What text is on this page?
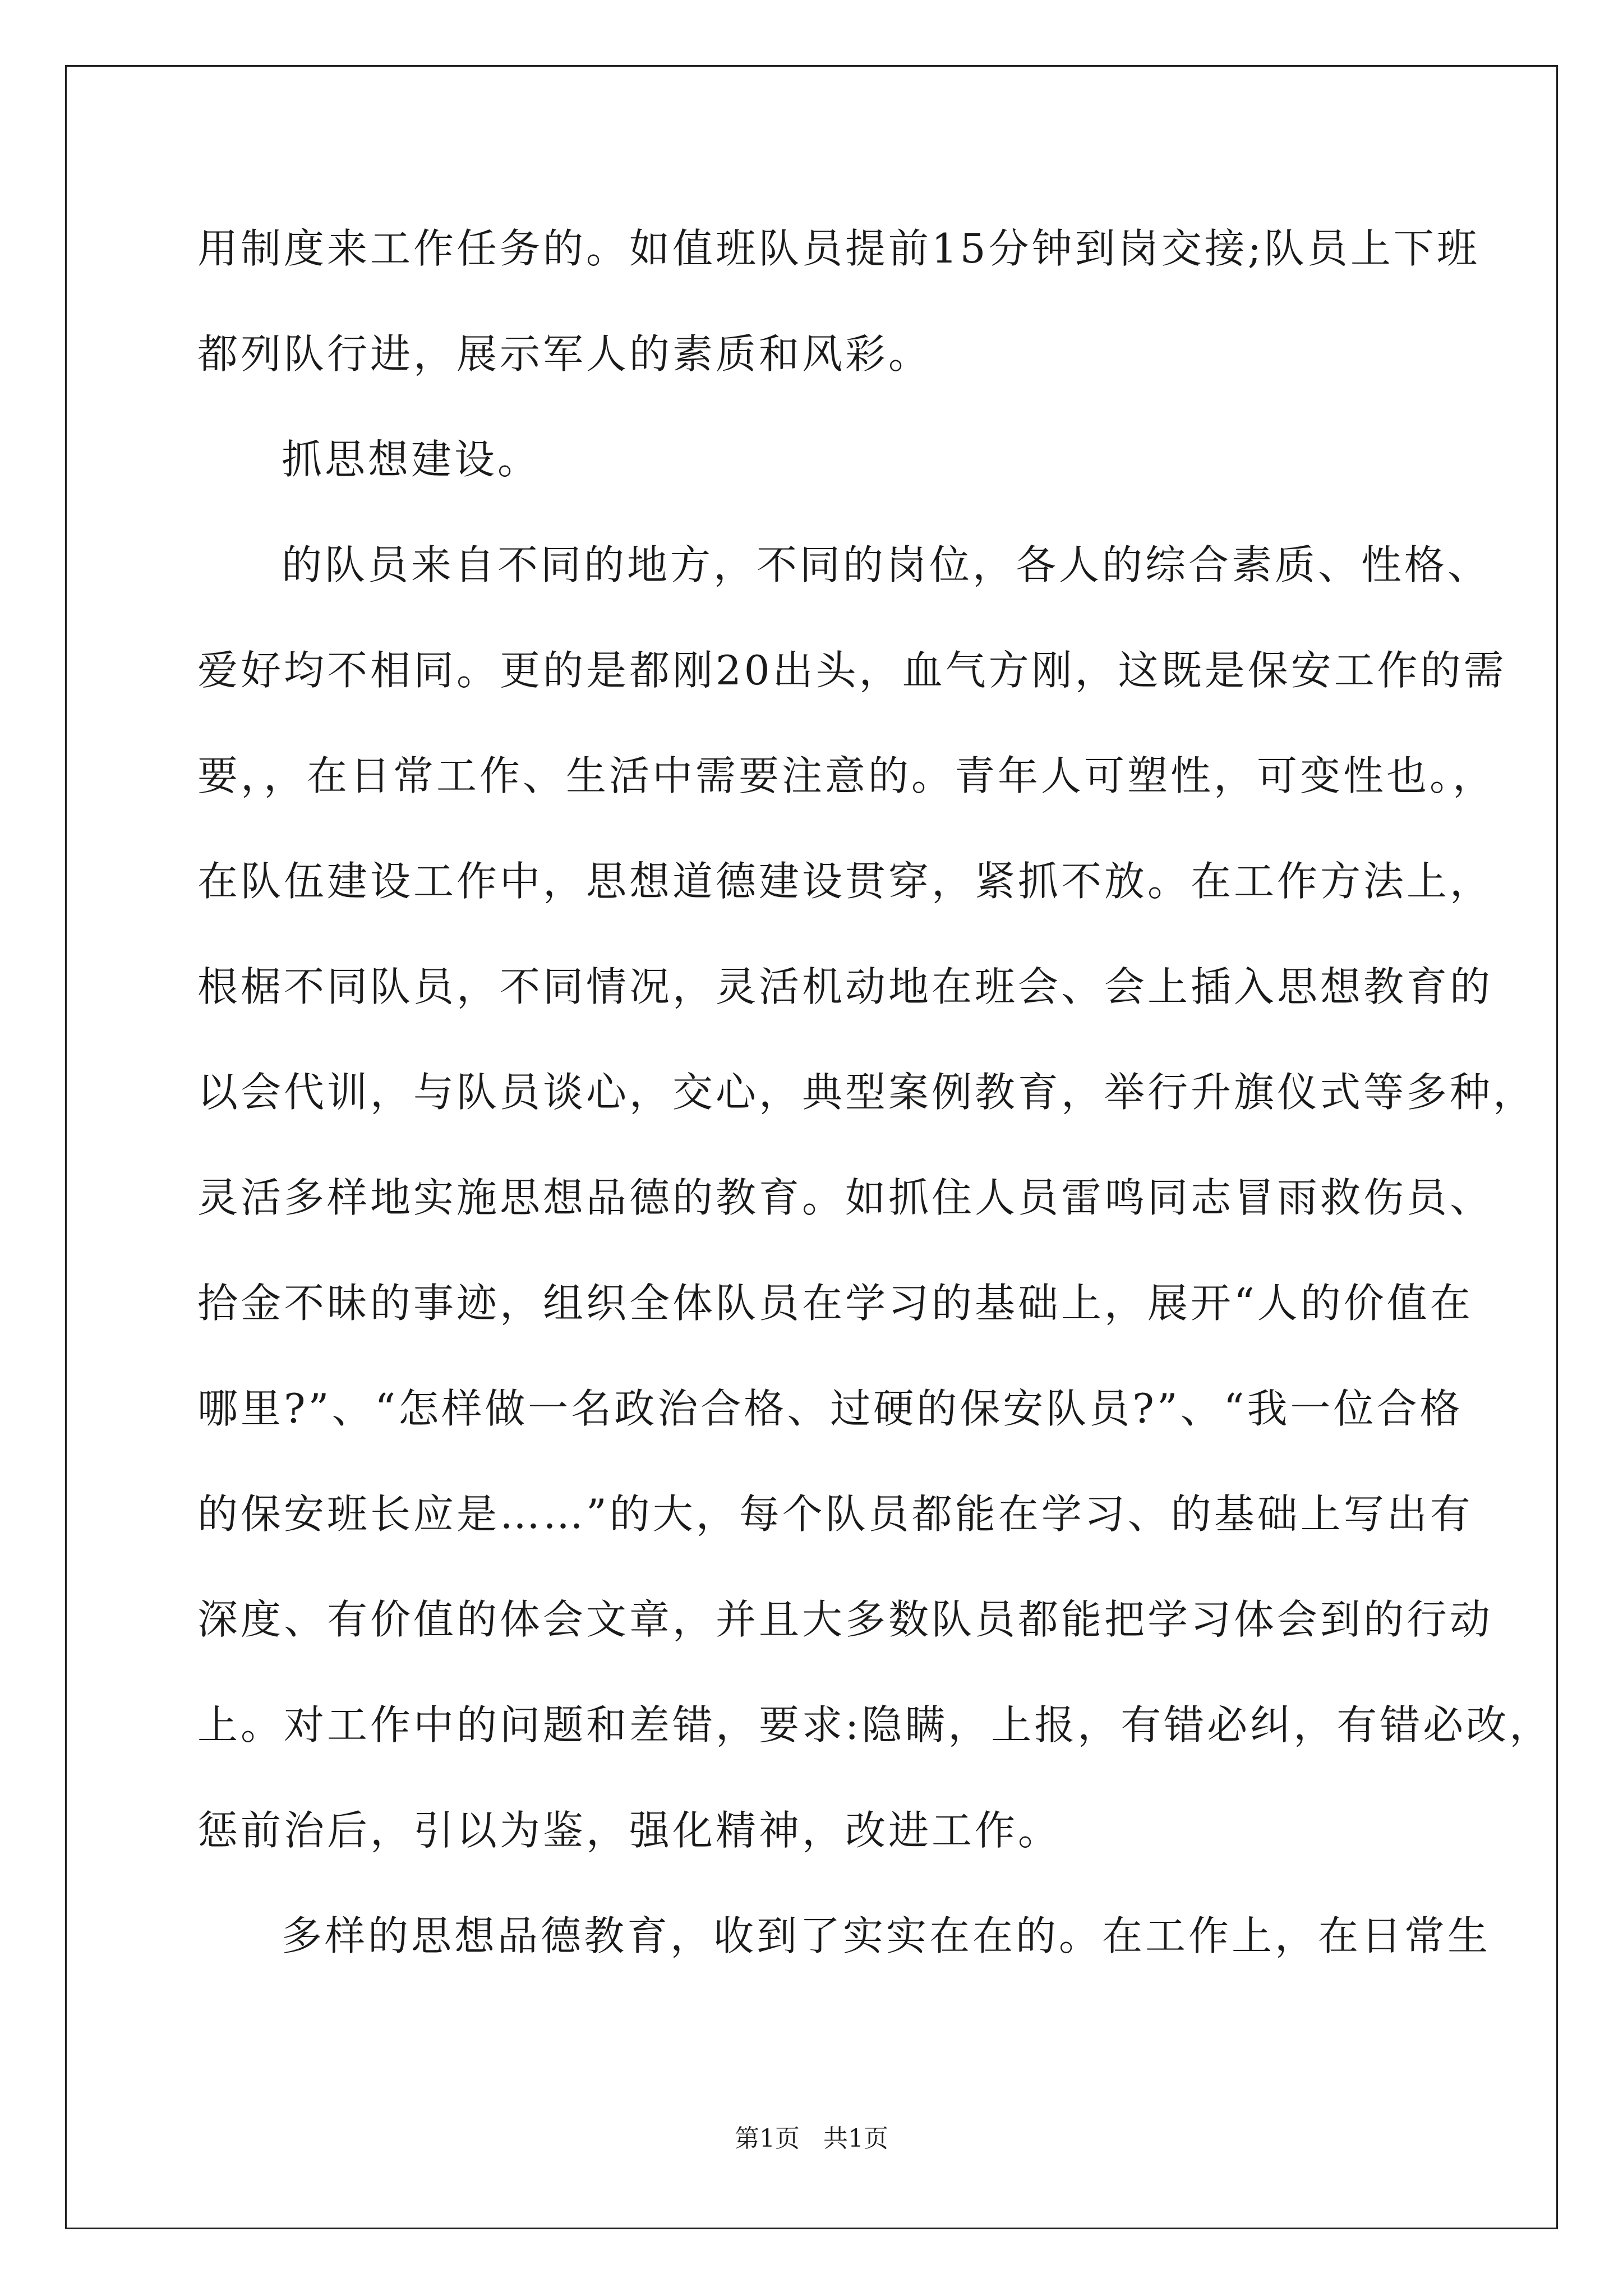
用制度来工作任务的。如值班队员提前15分钟到岗交接;队员上下班
都列队行进，展示军人的素质和风彩。
抓思想建设。
的队员来自不同的地方，不同的岗位，各人的综合素质、性格、
爱好均不相同。更的是都刚20出头，血气方刚，这既是保安工作的需
要，，在日常工作、生活中需要注意的。青年人可塑性，可变性也。，
在队伍建设工作中，思想道德建设贯穿，紧抓不放。在工作方法上，
根椐不同队员，不同情况，灵活机动地在班会、会上插入思想教育的
以会代训，与队员谈心，交心，典型案例教育，举行升旗仪式等多种，
灵活多样地实施思想品德的教育。如抓住人员雷鸣同志冒雨救伤员、
拾金不昧的事迹，组织全体队员在学习的基础上，展开“人的价值在
哪里?”、“怎样做一名政治合格、过硬的保安队员?”、“我一位合格
的保安班长应是……”的大，每个队员都能在学习、的基础上写出有
深度、有价值的体会文章，并且大多数队员都能把学习体会到的行动
上。对工作中的问题和差错，要求:隐瞒，上报，有错必纠，有错必改，
惩前治后，引以为鉴，强化精神，改进工作。
多样的思想品德教育，收到了实实在在的。在工作上，在日常生
第1页 共1页
